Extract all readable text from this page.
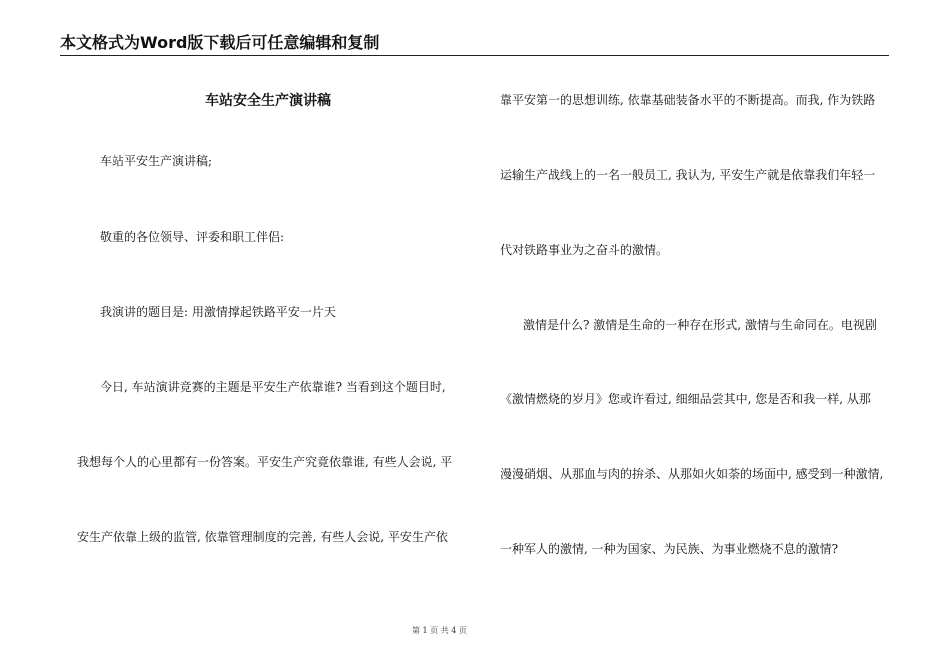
本文格式为Word版下载后可任意编辑和复制
车站安全生产演讲稿
车站平安生产演讲稿;
敬重的各位领导、评委和职工伴侣:
我演讲的题目是: 用激情撑起铁路平安一片天
今日, 车站演讲竞赛的主题是平安生产依靠谁? 当看到这个题目时,
我想每个人的心里都有一份答案。平安生产究竟依靠谁, 有些人会说, 平
安生产依靠上级的监管, 依靠管理制度的完善, 有些人会说, 平安生产依
靠平安第一的思想训练, 依靠基础装备水平的不断提高。而我, 作为铁路
运输生产战线上的一名一般员工, 我认为, 平安生产就是依靠我们年轻一
代对铁路事业为之奋斗的激情。
激情是什么? 激情是生命的一种存在形式, 激情与生命同在。电视剧
《激情燃烧的岁月》您或许看过, 细细品尝其中, 您是否和我一样, 从那
漫漫硝烟、从那血与肉的拚杀、从那如火如荼的场面中, 感受到一种激情,
一种军人的激情, 一种为国家、为民族、为事业燃烧不息的激情?
第 1 页 共 4 页
